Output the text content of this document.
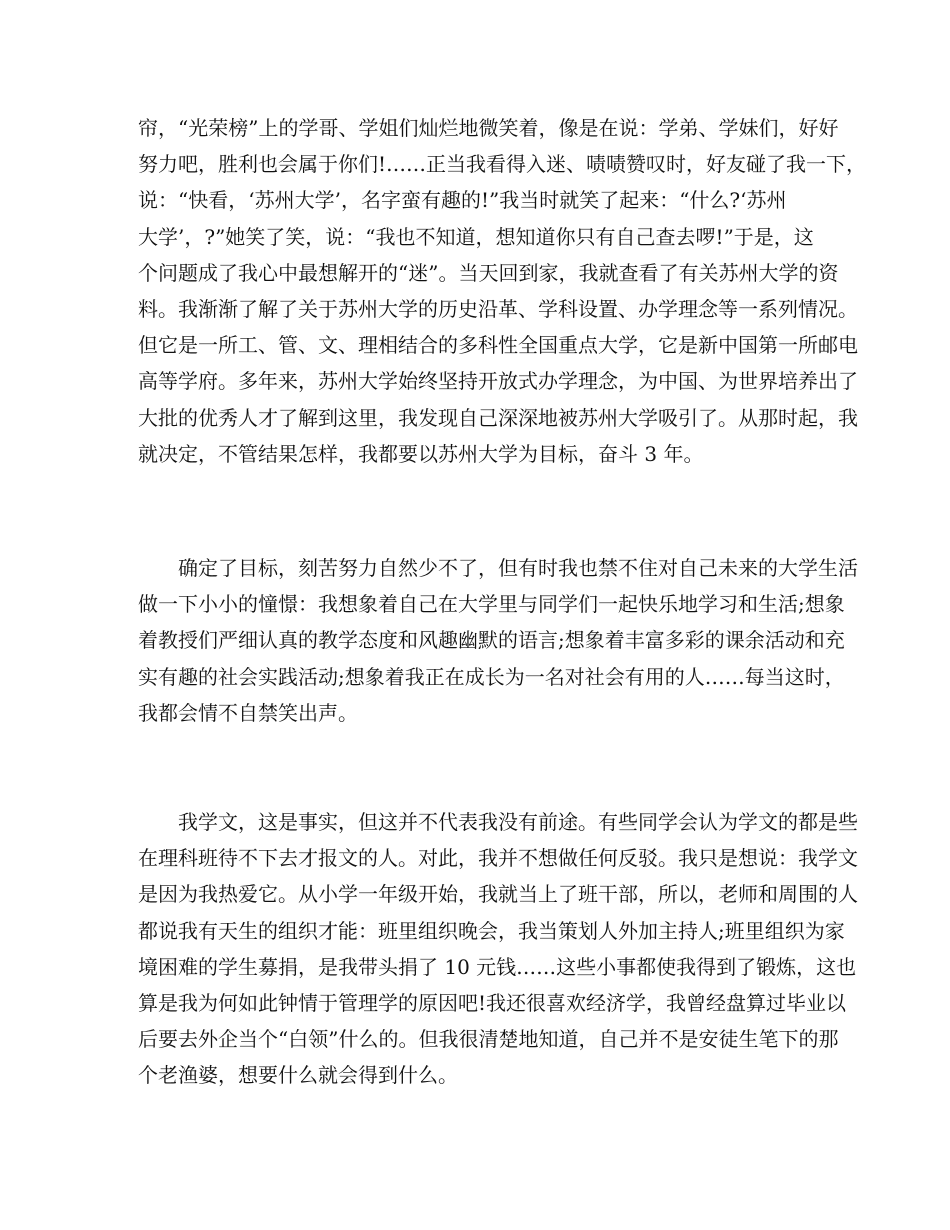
帘，“光荣榜”上的学哥、学姐们灿烂地微笑着，像是在说：学弟、学妹们，好好
努力吧，胜利也会属于你们!……正当我看得入迷、啧啧赞叹时，好友碰了我一下，
说：“快看，‘苏州大学’，名字蛮有趣的!”我当时就笑了起来：“什么?‘苏州
大学’，?”她笑了笑，说：“我也不知道，想知道你只有自己查去啰!”于是，这
个问题成了我心中最想解开的“迷”。当天回到家，我就查看了有关苏州大学的资
料。我渐渐了解了关于苏州大学的历史沿革、学科设置、办学理念等一系列情况。
但它是一所工、管、文、理相结合的多科性全国重点大学，它是新中国第一所邮电
高等学府。多年来，苏州大学始终坚持开放式办学理念，为中国、为世界培养出了
大批的优秀人才了解到这里，我发现自己深深地被苏州大学吸引了。从那时起，我
就决定，不管结果怎样，我都要以苏州大学为目标，奋斗 3 年。
确定了目标，刻苦努力自然少不了，但有时我也禁不住对自己未来的大学生活
做一下小小的憧憬：我想象着自己在大学里与同学们一起快乐地学习和生活;想象
着教授们严细认真的教学态度和风趣幽默的语言;想象着丰富多彩的课余活动和充
实有趣的社会实践活动;想象着我正在成长为一名对社会有用的人……每当这时，
我都会情不自禁笑出声。
我学文，这是事实，但这并不代表我没有前途。有些同学会认为学文的都是些
在理科班待不下去才报文的人。对此，我并不想做任何反驳。我只是想说：我学文
是因为我热爱它。从小学一年级开始，我就当上了班干部，所以，老师和周围的人
都说我有天生的组织才能：班里组织晚会，我当策划人外加主持人;班里组织为家
境困难的学生募捐，是我带头捐了 10 元钱……这些小事都使我得到了锻炼，这也
算是我为何如此钟情于管理学的原因吧!我还很喜欢经济学，我曾经盘算过毕业以
后要去外企当个“白领”什么的。但我很清楚地知道，自己并不是安徒生笔下的那
个老渔婆，想要什么就会得到什么。
